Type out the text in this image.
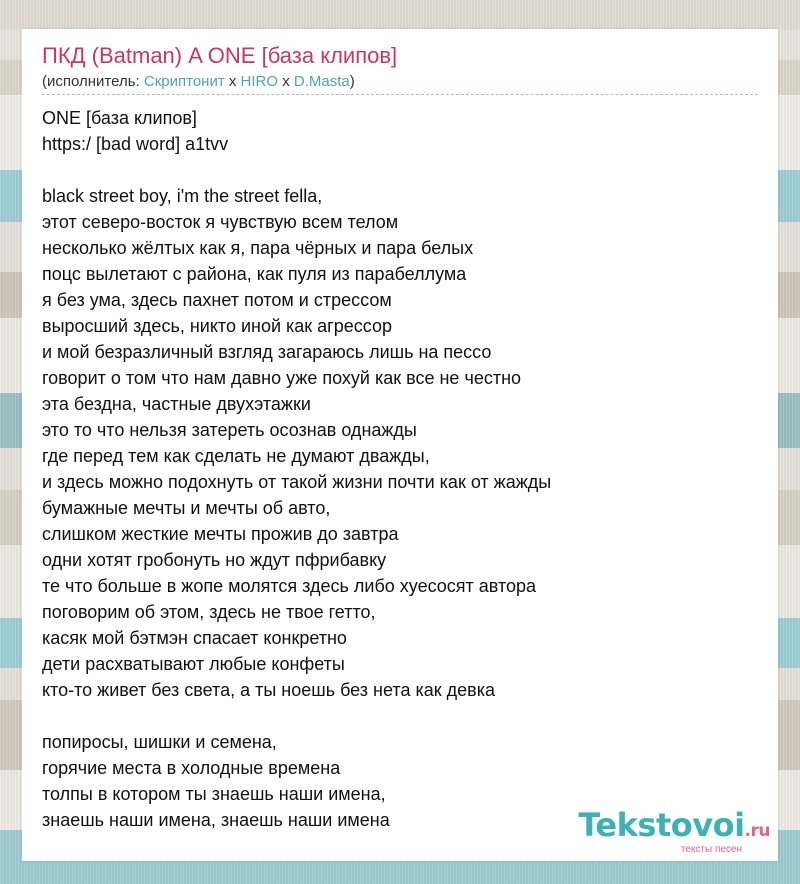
ПКД (Batman) A ONE [база клипов]
(исполнитель: Скриптонит x HIRO x D.Masta)
ONE [база клипов]
https:/ [bad word] a1tvv
black street boy, i'm the street fella,
этот северо-восток я чувствую всем телом
несколько жёлтых как я, пара чёрных и пара белых
поцс вылетают с района, как пуля из парабеллума
я без ума, здесь пахнет потом и стрессом
выросший здесь, никто иной как агрессор
и мой безразличный взгляд загараюсь лишь на пессо
говорит о том что нам давно уже похуй как все не честно
эта бездна, частные двухэтажки
это то что нельзя затереть осознав однажды
где перед тем как сделать не думают дважды,
и здесь можно подохнуть от такой жизни почти как от жажды
бумажные мечты и мечты об авто,
слишком жесткие мечты прожив до завтра
одни хотят гробонуть но ждут пфрибавку
те что больше в жопе молятся здесь либо хуесосят автора
поговорим об этом, здесь не твое гетто,
касяк мой бэтмэн спасает конкретно
дети расхватывают любые конфеты
кто-то живет без света, а ты ноешь без нета как девка
попиросы, шишки и семена,
горячие места в холодные времена
толпы в котором ты знаешь наши имена,
знаешь наши имена, знаешь наши имена	Tekstovoi.ru
тексты песен
